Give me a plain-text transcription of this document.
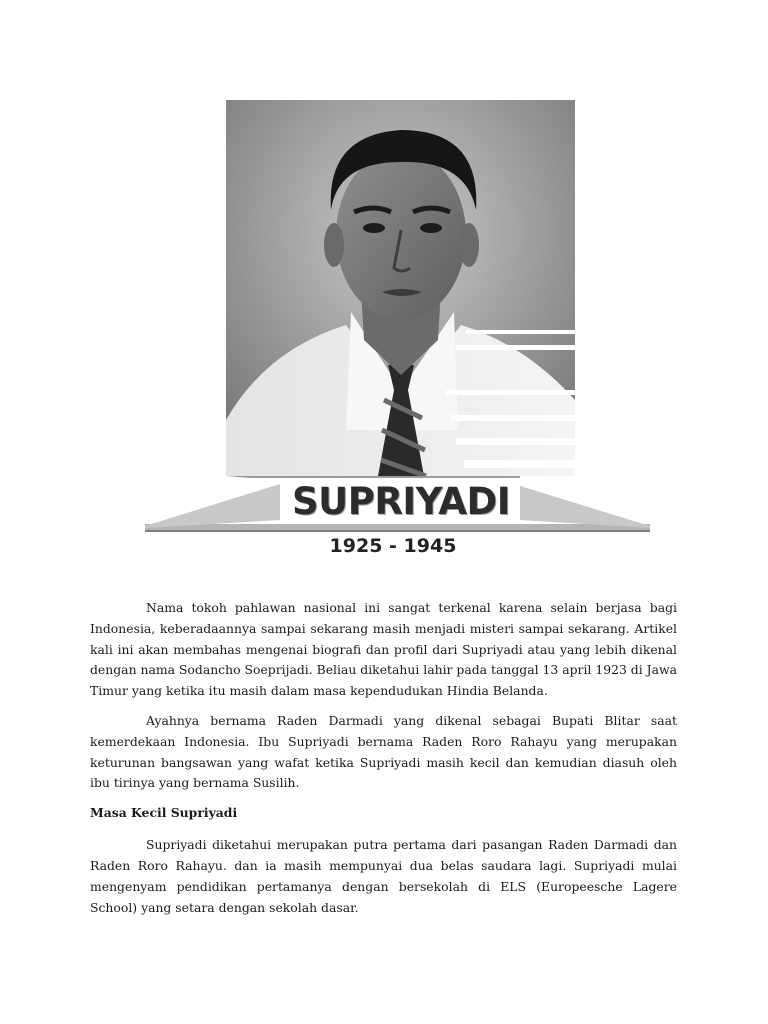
SUPRIYADI
1925 - 1945

Nama tokoh pahlawan nasional ini sangat terkenal karena selain berjasa bagi Indonesia, keberadaannya sampai sekarang masih menjadi misteri sampai sekarang. Artikel kali ini akan membahas mengenai biografi dan profil dari Supriyadi atau yang lebih dikenal dengan nama Sodancho Soeprijadi. Beliau diketahui lahir pada tanggal 13 april 1923 di Jawa Timur yang ketika itu masih dalam masa kependudukan Hindia Belanda.

Ayahnya bernama Raden Darmadi yang dikenal sebagai Bupati Blitar saat kemerdekaan Indonesia. Ibu Supriyadi bernama Raden Roro Rahayu yang merupakan keturunan bangsawan yang wafat ketika Supriyadi masih kecil dan kemudian diasuh oleh ibu tirinya yang bernama Susilih.

Masa Kecil Supriyadi

Supriyadi diketahui merupakan putra pertama dari pasangan Raden Darmadi dan Raden Roro Rahayu. dan ia masih mempunyai dua belas saudara lagi. Supriyadi mulai mengenyam pendidikan pertamanya dengan bersekolah di ELS (Europeesche Lagere School) yang setara dengan sekolah dasar.
